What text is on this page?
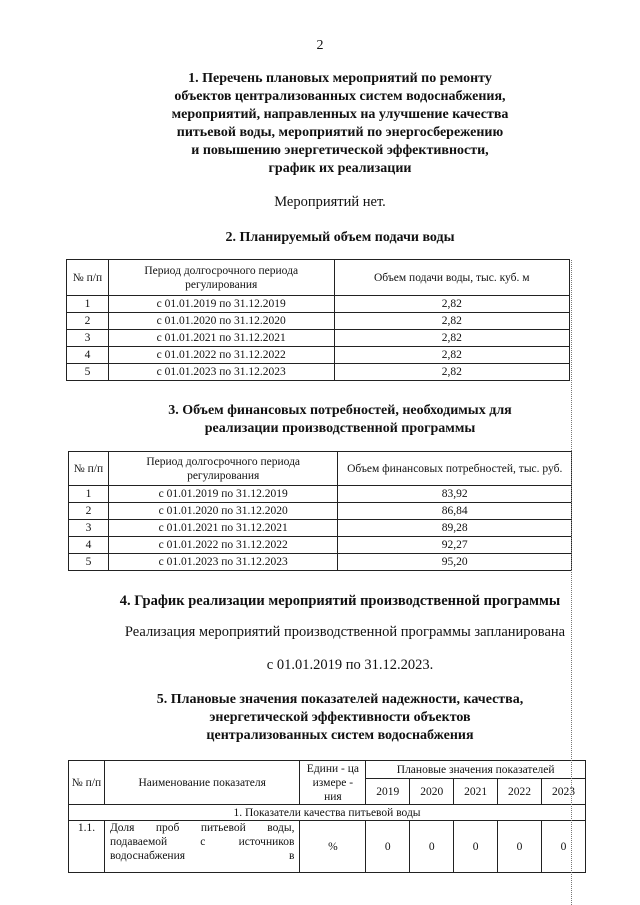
2
1. Перечень плановых мероприятий по ремонту
объектов централизованных систем водоснабжения,
мероприятий, направленных на улучшение качества
питьевой воды, мероприятий по энергосбережению
и повышению энергетической эффективности,
график их реализации
Мероприятий нет.
2. Планируемый объем подачи воды
№ п/п	Период долгосрочного периода регулирования	Объем подачи воды, тыс. куб. м
1	с 01.01.2019 по 31.12.2019	2,82
2	с 01.01.2020 по 31.12.2020	2,82
3	с 01.01.2021 по 31.12.2021	2,82
4	с 01.01.2022 по 31.12.2022	2,82
5	с 01.01.2023 по 31.12.2023	2,82
3. Объем финансовых потребностей, необходимых для
реализации производственной программы
№ п/п	Период долгосрочного периода регулирования	Объем финансовых потребностей, тыс. руб.
1	с 01.01.2019 по 31.12.2019	83,92
2	с 01.01.2020 по 31.12.2020	86,84
3	с 01.01.2021 по 31.12.2021	89,28
4	с 01.01.2022 по 31.12.2022	92,27
5	с 01.01.2023 по 31.12.2023	95,20
4. График реализации мероприятий производственной программы
Реализация мероприятий производственной программы запланирована
с 01.01.2019 по 31.12.2023.
5. Плановые значения показателей надежности, качества,
энергетической эффективности объектов
централизованных систем водоснабжения
№ п/п	Наименование показателя	Едини - ца измере - ния	Плановые значения показателей				
			2019	2020	2021	2022	2023
1. Показатели качества питьевой воды							
1.1.	Доля проб питьевой воды,
подаваемой с источников
водоснабжения в	%	0	0	0	0	0
